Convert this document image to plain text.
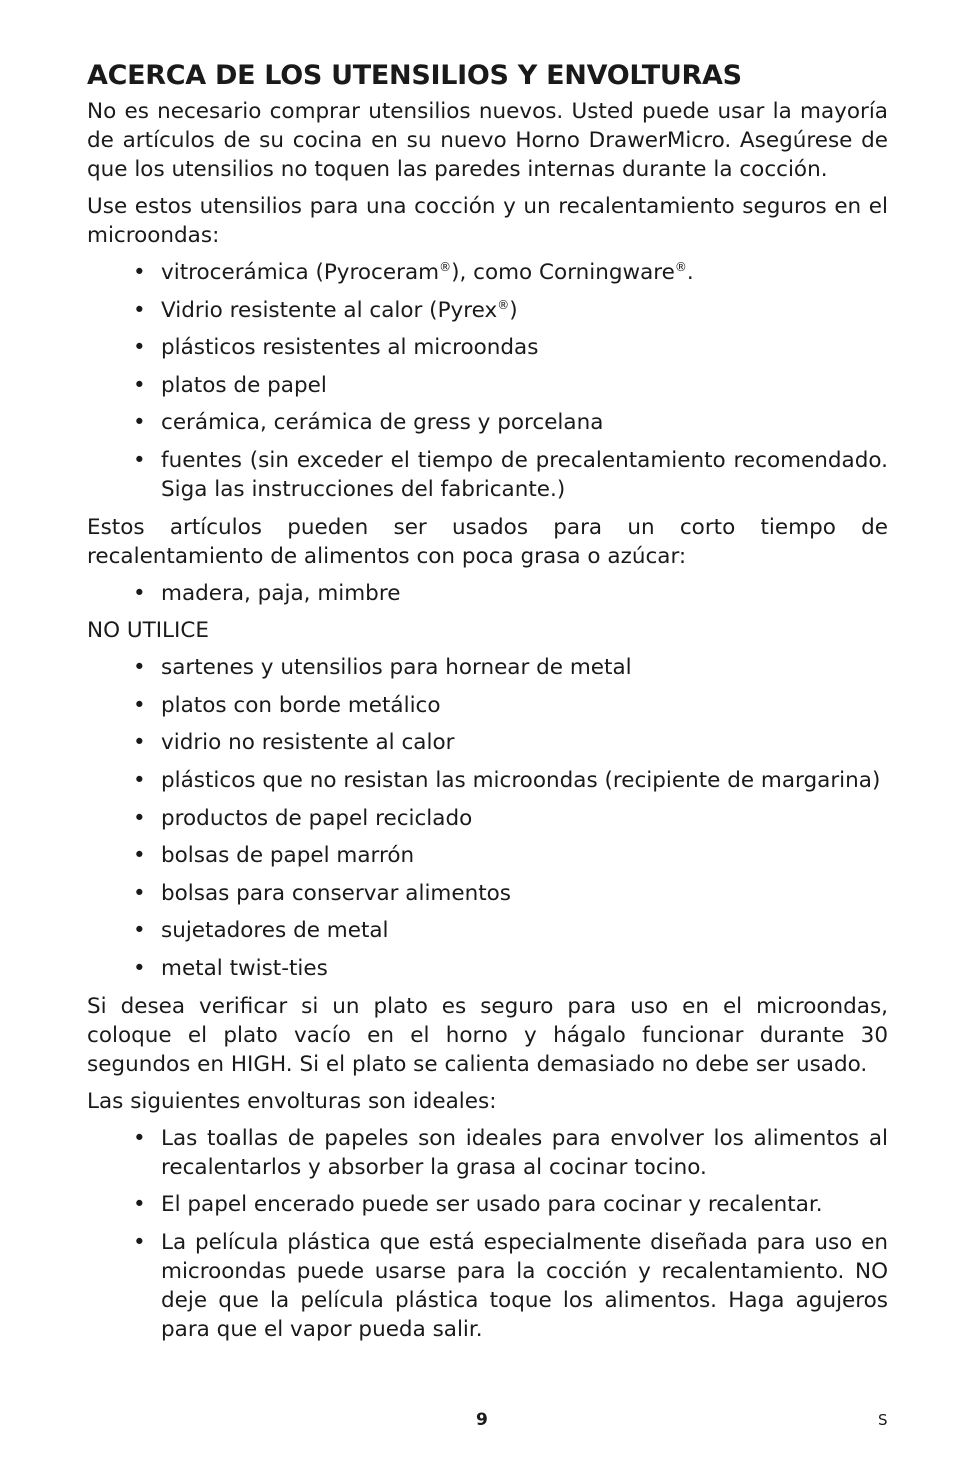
ACERCA DE LOS UTENSILIOS Y ENVOLTURAS

No es necesario comprar utensilios nuevos. Usted puede usar la mayoría de artículos de su cocina en su nuevo Horno DrawerMicro. Asegúrese de que los utensilios no toquen las paredes internas durante la cocción.

Use estos utensilios para una cocción y un recalentamiento seguros en el microondas:

• vitrocerámica (Pyroceram®), como Corningware®.
• Vidrio resistente al calor (Pyrex®)
• plásticos resistentes al microondas
• platos de papel
• cerámica, cerámica de gress y porcelana
• fuentes (sin exceder el tiempo de precalentamiento recomendado. Siga las instrucciones del fabricante.)

Estos artículos pueden ser usados para un corto tiempo de recalentamiento de alimentos con poca grasa o azúcar:

• madera, paja, mimbre

NO UTILICE

• sartenes y utensilios para hornear de metal
• platos con borde metálico
• vidrio no resistente al calor
• plásticos que no resistan las microondas (recipiente de margarina)
• productos de papel reciclado
• bolsas de papel marrón
• bolsas para conservar alimentos
• sujetadores de metal
• metal twist-ties

Si desea verificar si un plato es seguro para uso en el microondas, coloque el plato vacío en el horno y hágalo funcionar durante 30 segundos en HIGH. Si el plato se calienta demasiado no debe ser usado.

Las siguientes envolturas son ideales:

• Las toallas de papeles son ideales para envolver los alimentos al recalentarlos y absorber la grasa al cocinar tocino.
• El papel encerado puede ser usado para cocinar y recalentar.
• La película plástica que está especialmente diseñada para uso en microondas puede usarse para la cocción y recalentamiento. NO deje que la película plástica toque los alimentos. Haga agujeros para que el vapor pueda salir.
9	S
